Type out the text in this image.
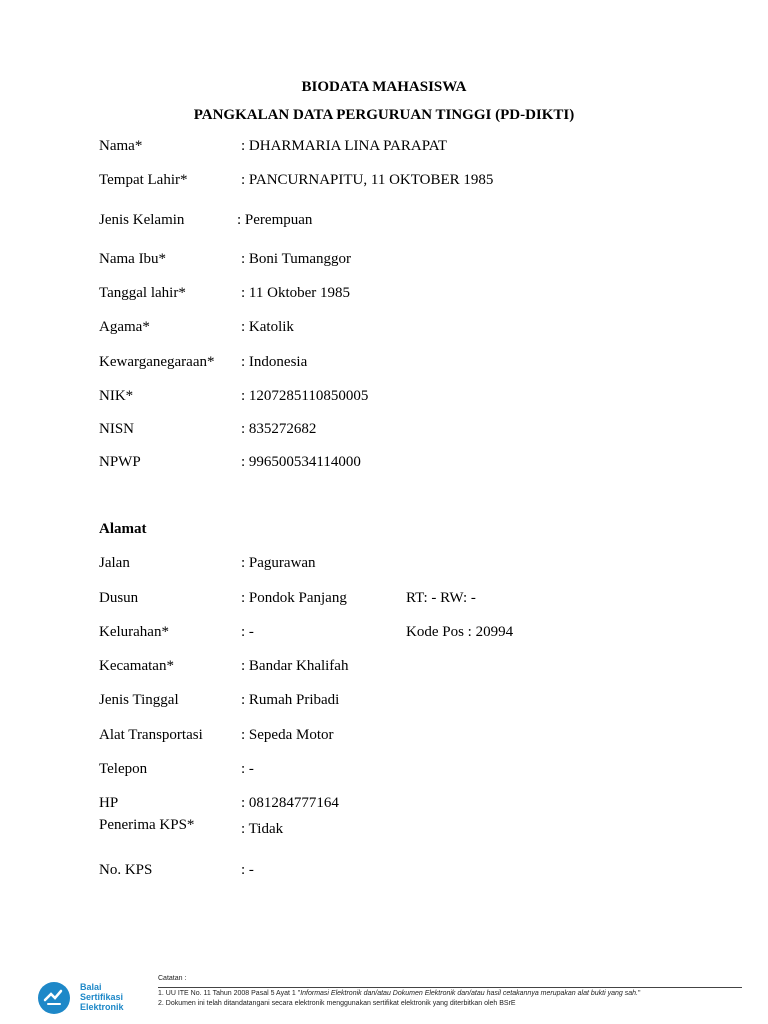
BIODATA MAHASISWA
PANGKALAN DATA PERGURUAN TINGGI (PD-DIKTI)
Nama*	: DHARMARIA LINA PARAPAT
Tempat Lahir*	: PANCURNAPITU, 11 OKTOBER 1985
Jenis Kelamin	: Perempuan
Nama Ibu*	: Boni Tumanggor
Tanggal lahir*	: 11 Oktober 1985
Agama*	: Katolik
Kewarganegaraan* : Indonesia
NIK*	: 1207285110850005
NISN	: 835272682
NPWP	: 996500534114000
Alamat
Jalan	: Pagurawan
Dusun	: Pondok Panjang	RT: - RW: -
Kelurahan*	: -	Kode Pos : 20994
Kecamatan*	: Bandar Khalifah
Jenis Tinggal	: Rumah Pribadi
Alat Transportasi	: Sepeda Motor
Telepon	: -
HP	: 081284777164
Penerima KPS*	: Tidak
No. KPS	: -
Balai
Sertifikasi
Elektronik
Catatan :
1. UU ITE No. 11 Tahun 2008 Pasal 5 Ayat 1 "Informasi Elektronik dan/atau Dokumen Elektronik dan/atau hasil cetakannya merupakan alat bukti yang sah."
2. Dokumen ini telah ditandatangani secara elektronik menggunakan sertifikat elektronik yang diterbitkan oleh BSrE
